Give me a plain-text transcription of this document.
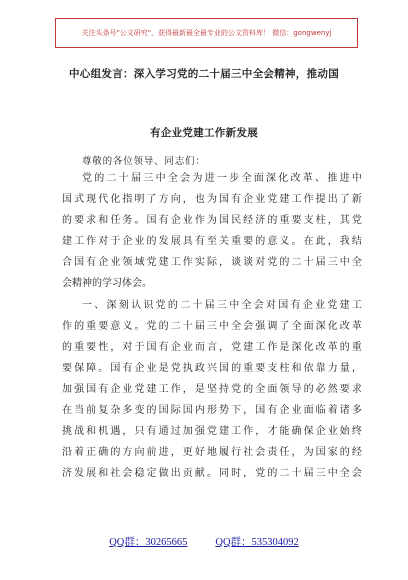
关注头条号"公文研究"，获得最新最全最专业的公文资料库！ 微信：gongwenyj
中心组发言：深入学习党的二十届三中全会精神，推动国
有企业党建工作新发展
尊敬的各位领导、同志们：
党 的 二 十 届 三 中 全 会 为 进 一 步 全 面 深 化 改 革 、 推 进 中
国 式 现 代 化 指 明 了 方 向 ， 也 为 国 有 企 业 党 建 工 作 提 出 了 新
的 要 求 和 任 务 。 国 有 企 业 作 为 国 民 经 济 的 重 要 支 柱 ， 其 党
建 工 作 对 于 企 业 的 发 展 具 有 至 关 重 要 的 意 义 。 在 此 ， 我 结
合 国 有 企 业 领 域 党 建 工 作 实 际 ， 谈 谈 对 党 的 二 十 届 三 中 全
会精神的学习体会。
一 、 深 刻 认 识 党 的 二 十 届 三 中 全 会 对 国 有 企 业 党 建 工
作 的 重 要 意 义 。 党 的 二 十 届 三 中 全 会 强 调 了 全 面 深 化 改 革
的 重 要 性 ， 对 于 国 有 企 业 而 言 ， 党 建 工 作 是 深 化 改 革 的 重
要 保 障 。 国 有 企 业 是 党 执 政 兴 国 的 重 要 支 柱 和 依 靠 力 量 ，
加 强 国 有 企 业 党 建 工 作 ， 是 坚 持 党 的 全 面 领 导 的 必 然 要 求
在 当 前 复 杂 多 变 的 国 际 国 内 形 势 下 ， 国 有 企 业 面 临 着 诸 多
挑 战 和 机 遇 ， 只 有 通 过 加 强 党 建 工 作 ， 才 能 确 保 企 业 始 终
沿 着 正 确 的 方 向 前 进 ， 更 好 地 履 行 社 会 责 任 ， 为 国 家 的 经
济 发 展 和 社 会 稳 定 做 出 贡 献 。 同 时 ， 党 的 二 十 届 三 中 全 会
QQ群：30265665	QQ群：535304092
